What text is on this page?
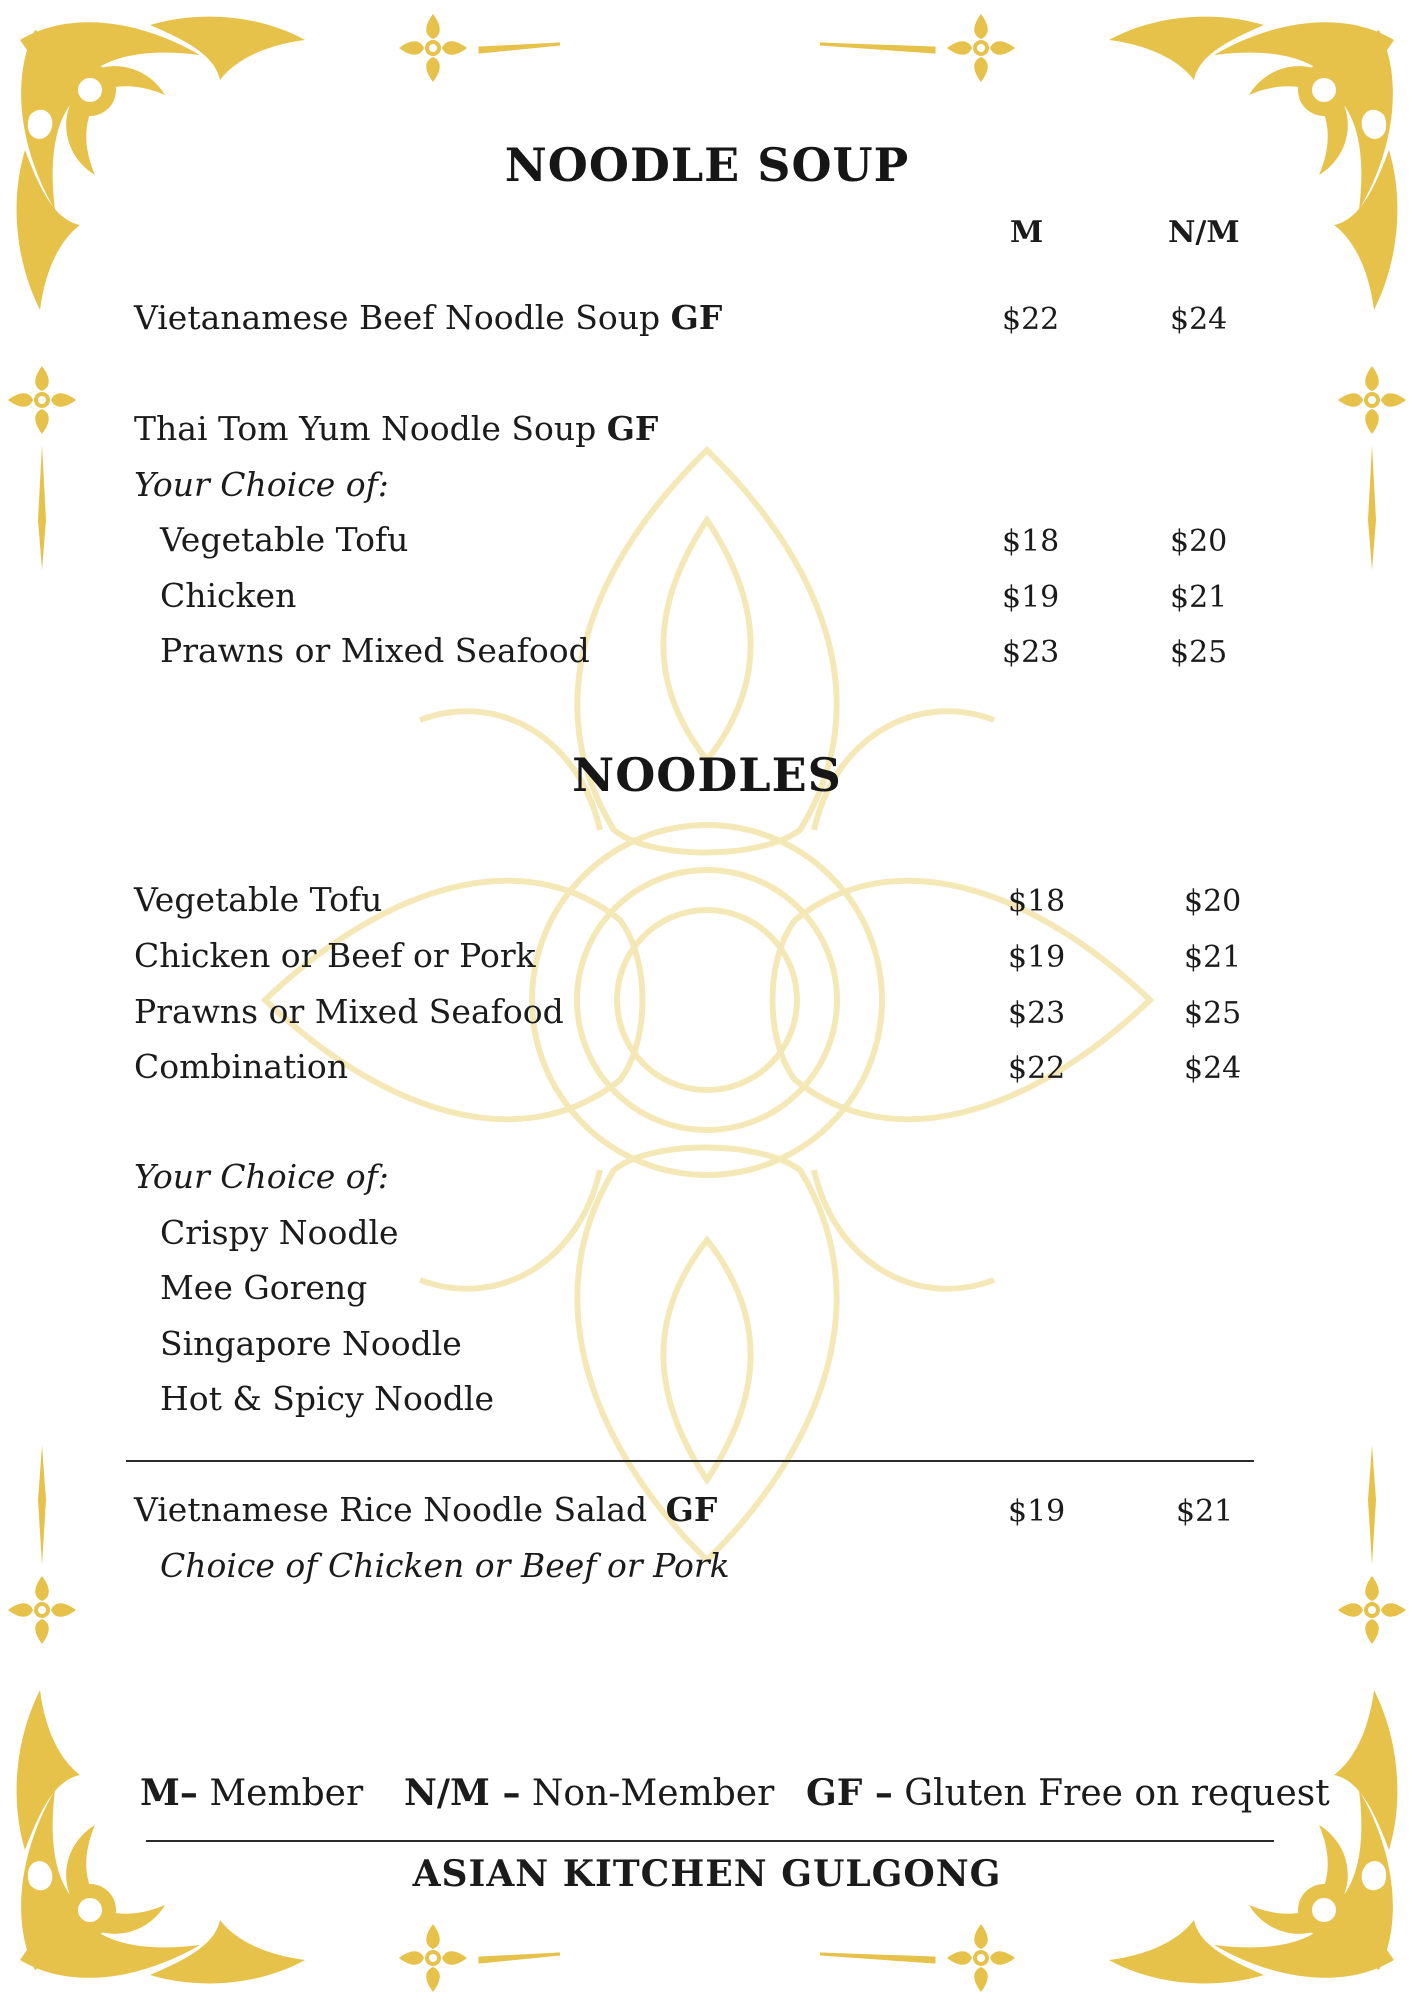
NOODLE SOUP
M	N/M
Vietanamese Beef Noodle Soup GF	$22	$24
Thai Tom Yum Noodle Soup GF
Your Choice of:
Vegetable Tofu	$18	$20
Chicken	$19	$21
Prawns or Mixed Seafood	$23	$25
NOODLES
Vegetable Tofu	$18	$20
Chicken or Beef or Pork	$19	$21
Prawns or Mixed Seafood	$23	$25
Combination	$22	$24
Your Choice of:
Crispy Noodle
Mee Goreng
Singapore Noodle
Hot & Spicy Noodle
Vietnamese Rice Noodle Salad GF	$19	$21
Choice of Chicken or Beef or Pork
M– Member N/M – Non-Member GF – Gluten Free on request
ASIAN KITCHEN GULGONG
